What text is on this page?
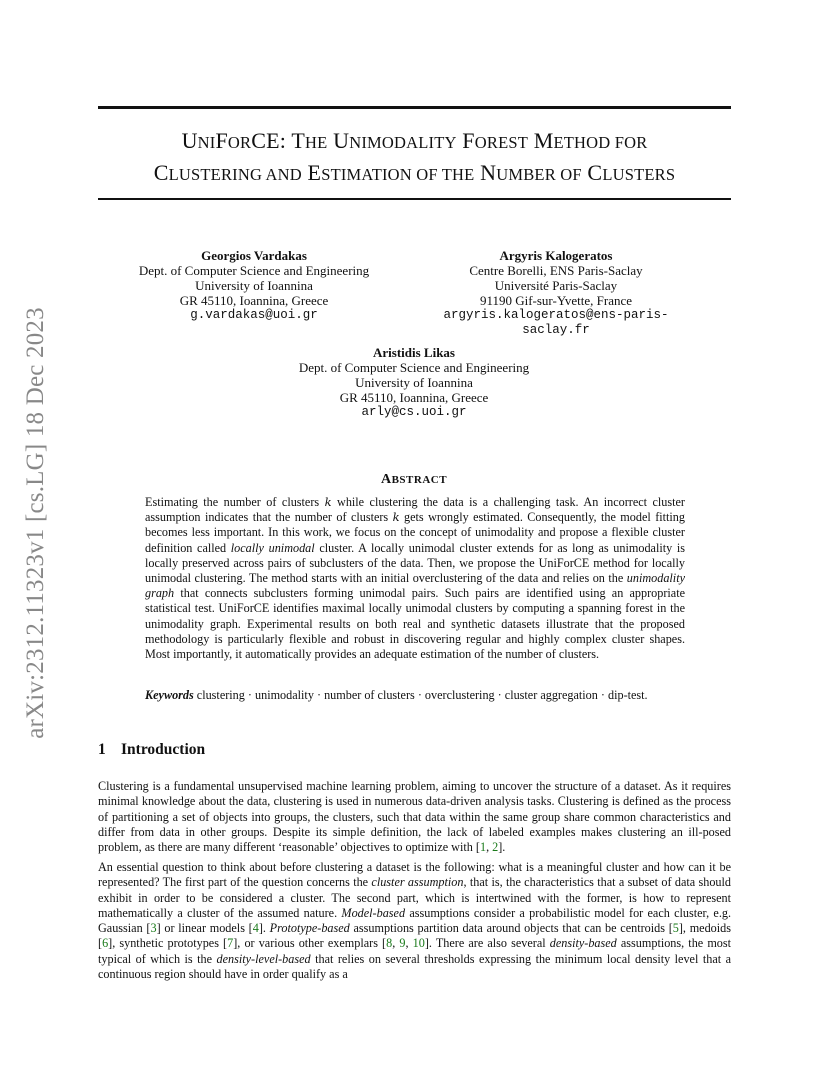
arXiv:2312.11323v1 [cs.LG] 18 Dec 2023
UNIFORCE: THE UNIMODALITY FOREST METHOD FOR
CLUSTERING AND ESTIMATION OF THE NUMBER OF CLUSTERS
Georgios Vardakas
Dept. of Computer Science and Engineering
University of Ioannina
GR 45110, Ioannina, Greece
g.vardakas@uoi.gr
Argyris Kalogeratos
Centre Borelli, ENS Paris-Saclay
Université Paris-Saclay
91190 Gif-sur-Yvette, France
argyris.kalogeratos@ens-paris-saclay.fr
Aristidis Likas
Dept. of Computer Science and Engineering
University of Ioannina
GR 45110, Ioannina, Greece
arly@cs.uoi.gr
ABSTRACT
Estimating the number of clusters k while clustering the data is a challenging task. An incorrect cluster assumption indicates that the number of clusters k gets wrongly estimated. Consequently, the model fitting becomes less important. In this work, we focus on the concept of unimodality and propose a flexible cluster definition called locally unimodal cluster. A locally unimodal cluster extends for as long as unimodality is locally preserved across pairs of subclusters of the data. Then, we propose the UniForCE method for locally unimodal clustering. The method starts with an initial overclustering of the data and relies on the unimodality graph that connects subclusters forming unimodal pairs. Such pairs are identified using an appropriate statistical test. UniForCE identifies maximal locally unimodal clusters by computing a spanning forest in the unimodality graph. Experimental results on both real and synthetic datasets illustrate that the proposed methodology is particularly flexible and robust in discovering regular and highly complex cluster shapes. Most importantly, it automatically provides an adequate estimation of the number of clusters.
Keywords clustering · unimodality · number of clusters · overclustering · cluster aggregation · dip-test.
1 Introduction
Clustering is a fundamental unsupervised machine learning problem, aiming to uncover the structure of a dataset. As it requires minimal knowledge about the data, clustering is used in numerous data-driven analysis tasks. Clustering is defined as the process of partitioning a set of objects into groups, the clusters, such that data within the same group share common characteristics and differ from data in other groups. Despite its simple definition, the lack of labeled examples makes clustering an ill-posed problem, as there are many different ‘reasonable’ objectives to optimize with [1, 2].
An essential question to think about before clustering a dataset is the following: what is a meaningful cluster and how can it be represented? The first part of the question concerns the cluster assumption, that is, the characteristics that a subset of data should exhibit in order to be considered a cluster. The second part, which is intertwined with the former, is how to represent mathematically a cluster of the assumed nature. Model-based assumptions consider a probabilistic model for each cluster, e.g. Gaussian [3] or linear models [4]. Prototype-based assumptions partition data around objects that can be centroids [5], medoids [6], synthetic prototypes [7], or various other exemplars [8, 9, 10]. There are also several density-based assumptions, the most typical of which is the density-level-based that relies on several thresholds expressing the minimum local density level that a continuous region should have in order qualify as a
